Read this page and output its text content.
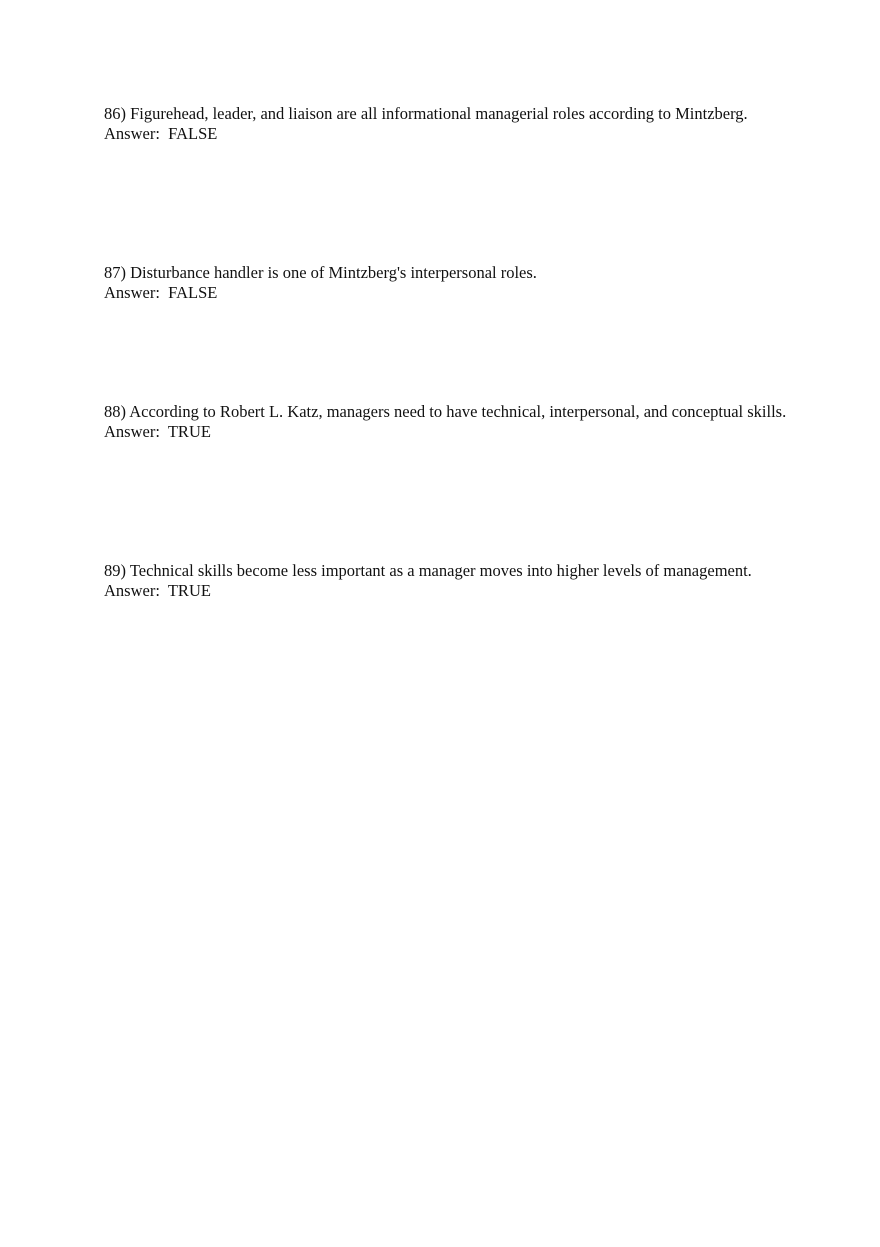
86) Figurehead, leader, and liaison are all informational managerial roles according to Mintzberg.
Answer:  FALSE
87) Disturbance handler is one of Mintzberg's interpersonal roles.
Answer:  FALSE
88) According to Robert L. Katz, managers need to have technical, interpersonal, and conceptual skills.
Answer:  TRUE
89) Technical skills become less important as a manager moves into higher levels of management.
Answer:  TRUE
